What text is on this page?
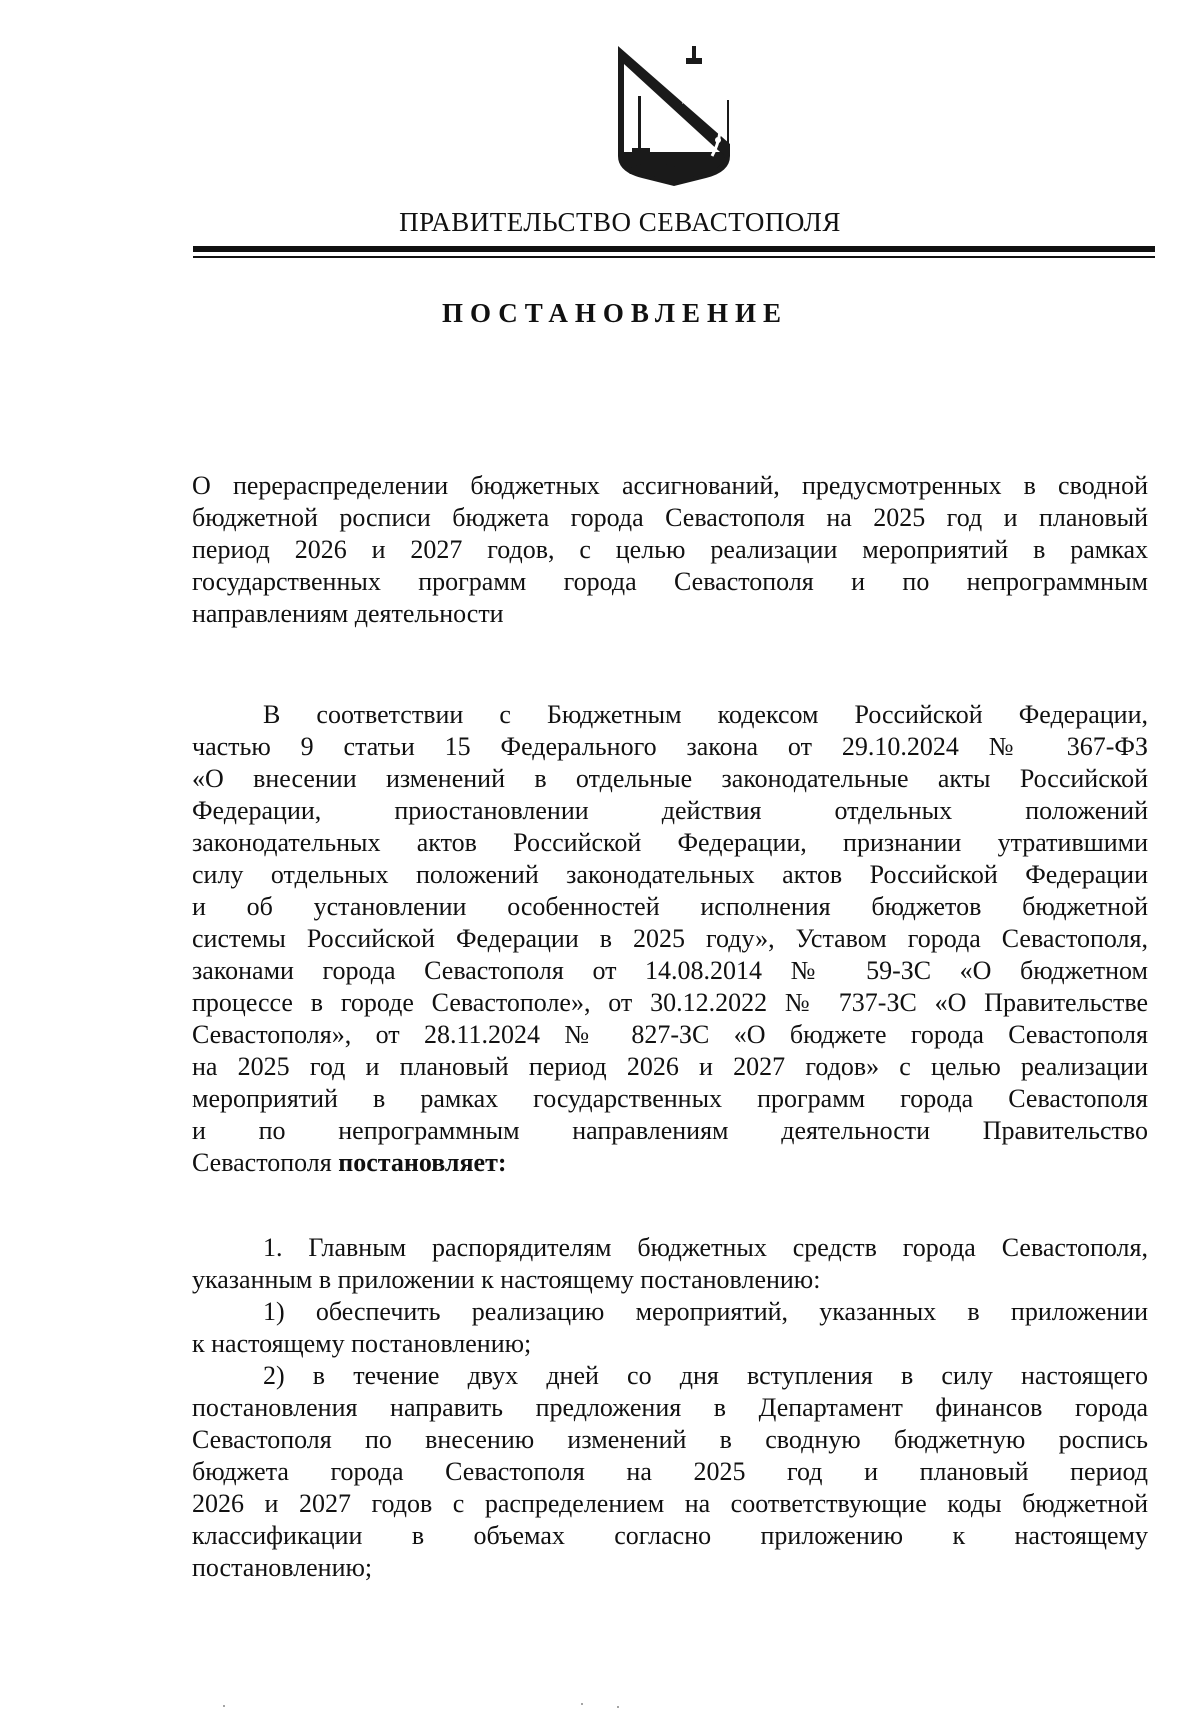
ПРАВИТЕЛЬСТВО СЕВАСТОПОЛЯ
ПОСТАНОВЛЕНИЕ
О перераспределении бюджетных ассигнований, предусмотренных в сводной
бюджетной росписи бюджета города Севастополя на 2025 год и плановый
период 2026 и 2027 годов, с целью реализации мероприятий в рамках
государственных программ города Севастополя и по непрограммным
направлениям деятельности
В соответствии с Бюджетным кодексом Российской Федерации,
частью 9 статьи 15 Федерального закона от 29.10.2024 № 367-ФЗ
«О внесении изменений в отдельные законодательные акты Российской
Федерации, приостановлении действия отдельных положений
законодательных актов Российской Федерации, признании утратившими
силу отдельных положений законодательных актов Российской Федерации
и об установлении особенностей исполнения бюджетов бюджетной
системы Российской Федерации в 2025 году», Уставом города Севастополя,
законами города Севастополя от 14.08.2014 № 59-ЗС «О бюджетном
процессе в городе Севастополе», от 30.12.2022 № 737-ЗС «О Правительстве
Севастополя», от 28.11.2024 № 827-ЗС «О бюджете города Севастополя
на 2025 год и плановый период 2026 и 2027 годов» с целью реализации
мероприятий в рамках государственных программ города Севастополя
и по непрограммным направлениям деятельности Правительство
Севастополя постановляет:
1. Главным распорядителям бюджетных средств города Севастополя,
указанным в приложении к настоящему постановлению:
1) обеспечить реализацию мероприятий, указанных в приложении
к настоящему постановлению;
2) в течение двух дней со дня вступления в силу настоящего
постановления направить предложения в Департамент финансов города
Севастополя по внесению изменений в сводную бюджетную роспись
бюджета города Севастополя на 2025 год и плановый период
2026 и 2027 годов с распределением на соответствующие коды бюджетной
классификации в объемах согласно приложению к настоящему
постановлению;
